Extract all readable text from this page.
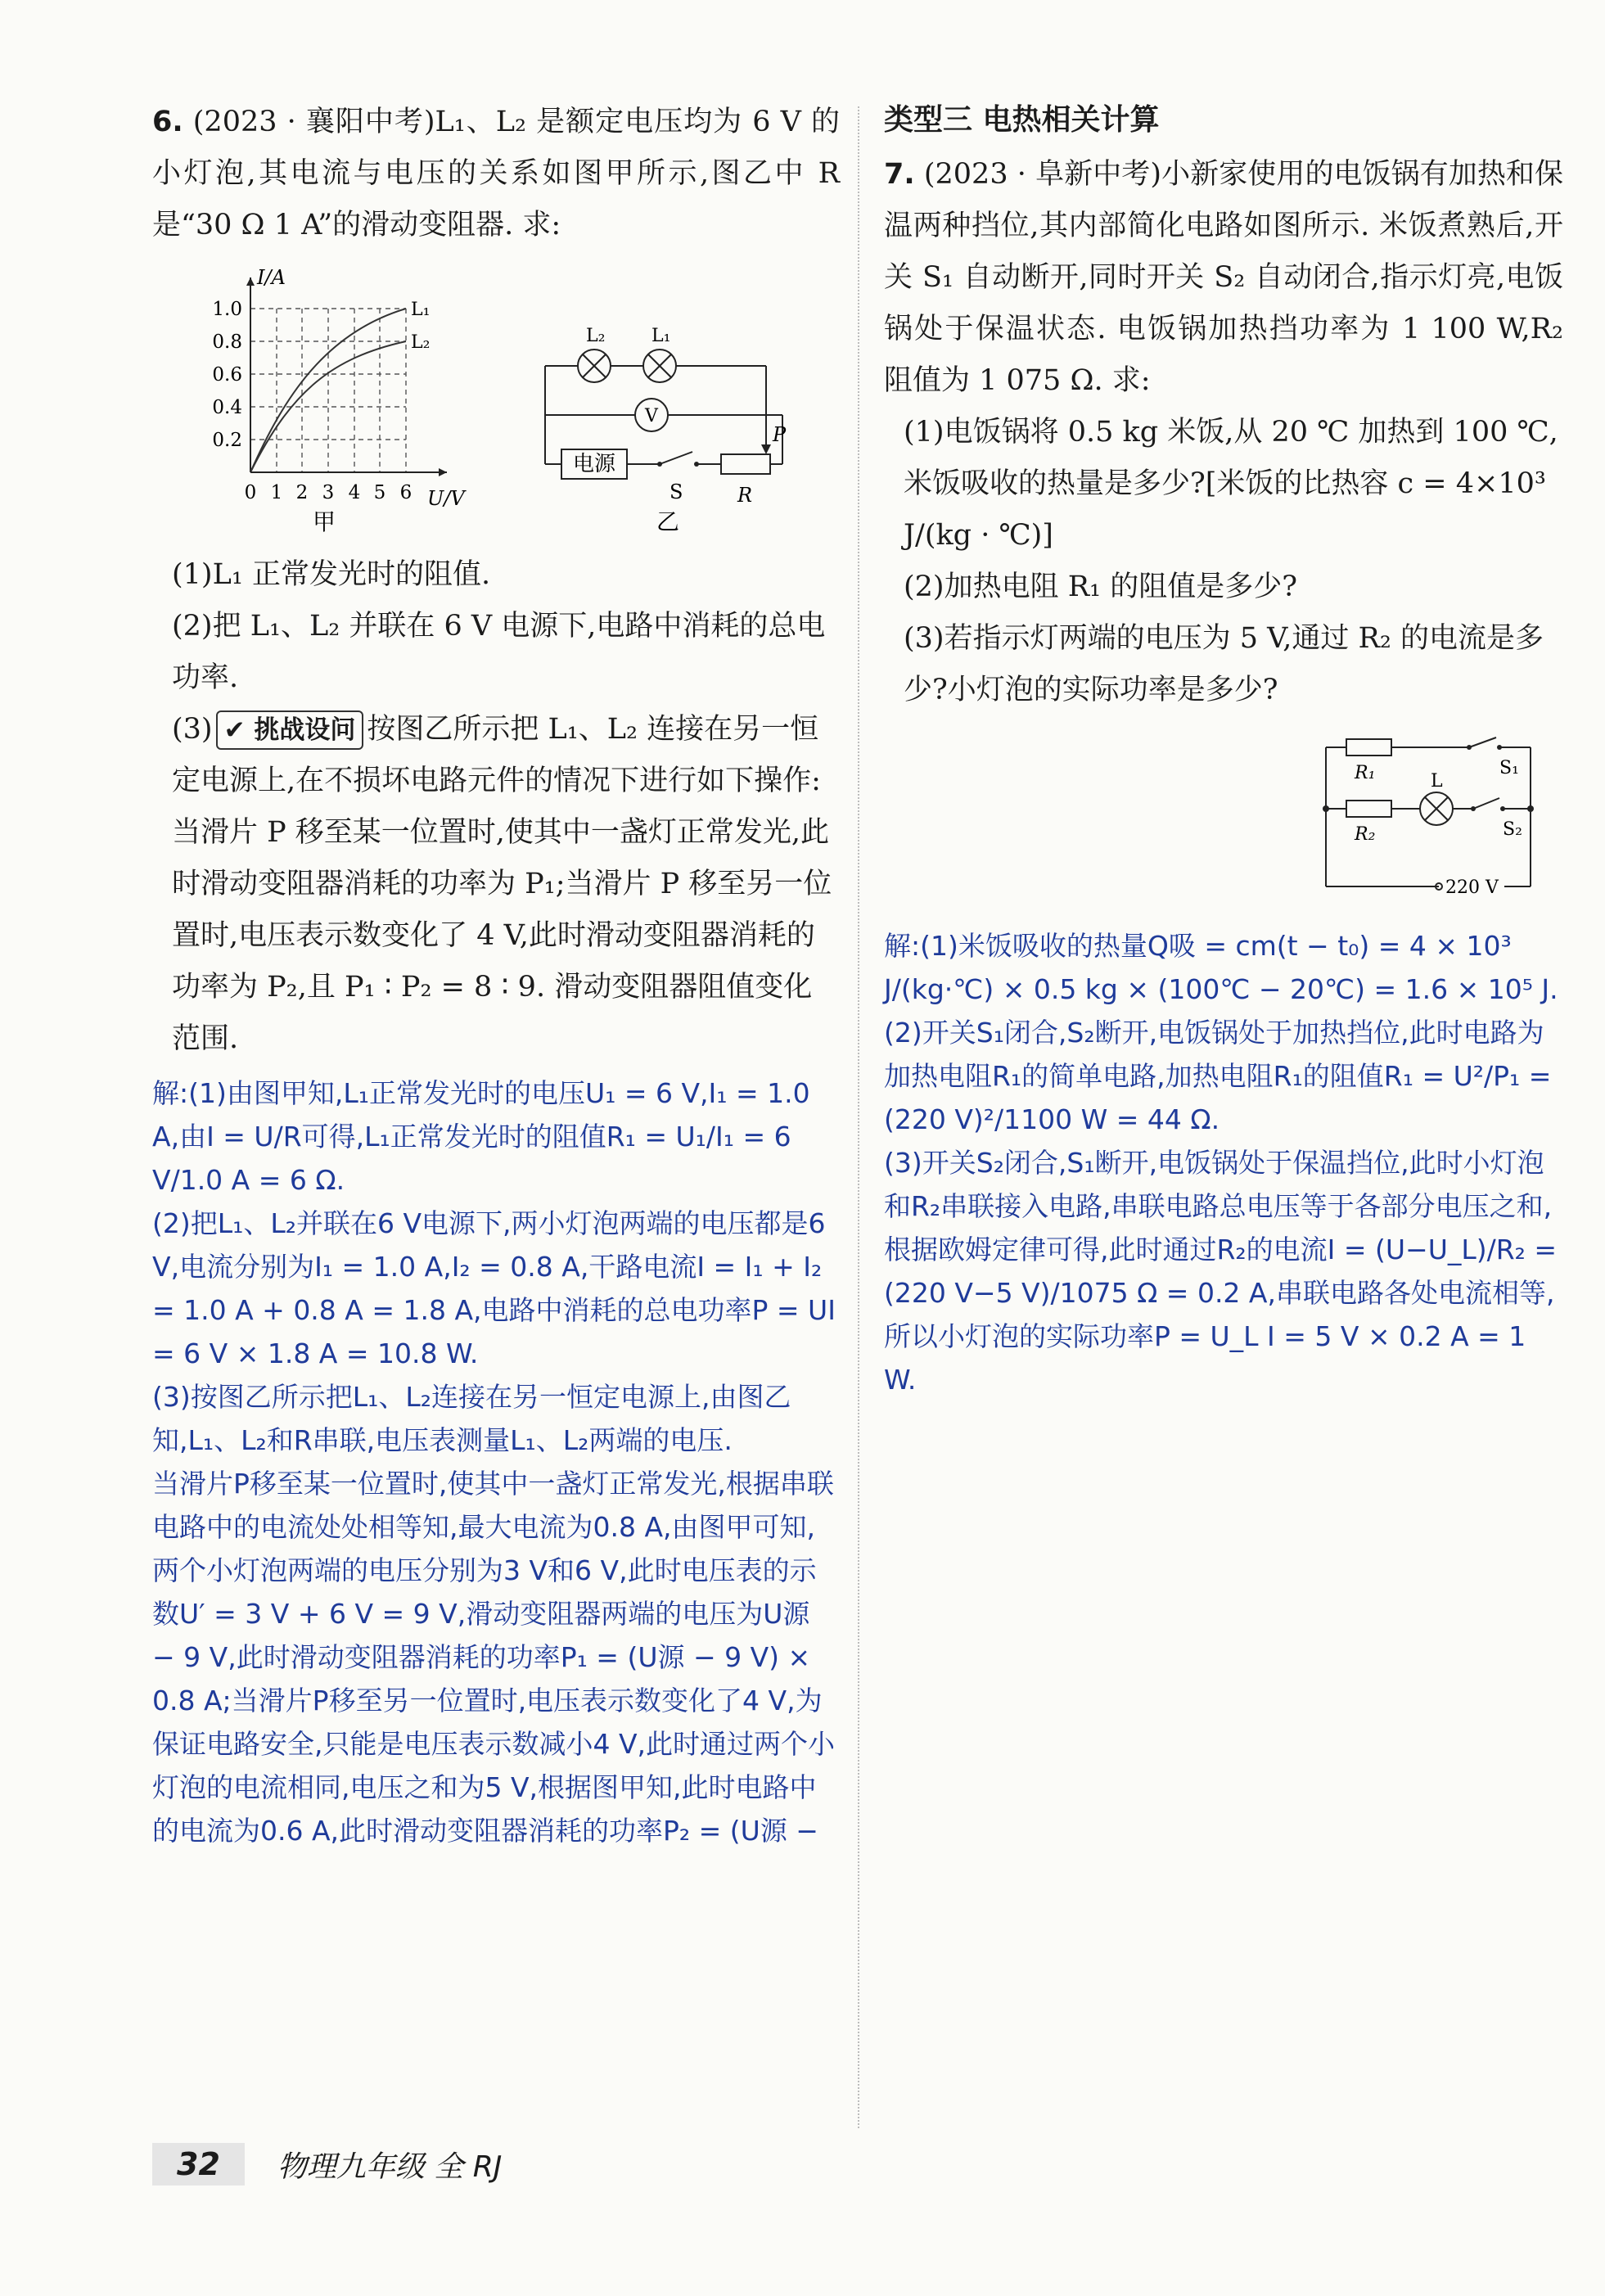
6. (2023 · 襄阳中考)L₁、L₂ 是额定电压均为 6 V 的小灯泡,其电流与电压的关系如图甲所示,图乙中 R 是“30 Ω 1 A”的滑动变阻器. 求:

I/A
U/V
L₁
L₂
1.0
0.8
0.6
0.4
0.2
0 1 2 3 4 5 6
甲
L₂	L₁
V
电源
S	R
P
乙

(1)L₁ 正常发光时的阻值.

(2)把 L₁、L₂ 并联在 6 V 电源下,电路中消耗的总电功率.

(3) ✔ 挑战设问 按图乙所示把 L₁、L₂ 连接在另一恒定电源上,在不损坏电路元件的情况下进行如下操作:当滑片 P 移至某一位置时,使其中一盏灯正常发光,此时滑动变阻器消耗的功率为 P₁;当滑片 P 移至另一位置时,电压表示数变化了 4 V,此时滑动变阻器消耗的功率为 P₂,且 P₁ ∶ P₂ = 8 ∶ 9. 滑动变阻器阻值变化范围.

解:(1)由图甲知,L₁正常发光时的电压U₁ = 6 V,I₁ = 1.0 A,由I = U/R可得,L₁正常发光时的阻值R₁ = U₁/I₁ = 6 V/1.0 A = 6 Ω.

(2)把L₁、L₂并联在6 V电源下,两小灯泡两端的电压都是6 V,电流分别为I₁ = 1.0 A,I₂ = 0.8 A,干路电流I = I₁ + I₂ = 1.0 A + 0.8 A = 1.8 A,电路中消耗的总电功率P = UI = 6 V × 1.8 A = 10.8 W.

(3)按图乙所示把L₁、L₂连接在另一恒定电源上,由图乙知,L₁、L₂和R串联,电压表测量L₁、L₂两端的电压.

当滑片P移至某一位置时,使其中一盏灯正常发光,根据串联电路中的电流处处相等知,最大电流为0.8 A,由图甲可知,两个小灯泡两端的电压分别为3 V和6 V,此时电压表的示数U′ = 3 V + 6 V = 9 V,滑动变阻器两端的电压为U源 − 9 V,此时滑动变阻器消耗的功率P₁ = (U源 − 9 V) × 0.8 A;当滑片P移至另一位置时,电压表示数变化了4 V,为保证电路安全,只能是电压表示数减小4 V,此时通过两个小灯泡的电流相同,电压之和为5 V,根据图甲知,此时电路中的电流为0.6 A,此时滑动变阻器消耗的功率P₂ = (U源 −

类型三 电热相关计算

7. (2023 · 阜新中考)小新家使用的电饭锅有加热和保温两种挡位,其内部简化电路如图所示. 米饭煮熟后,开关 S₁ 自动断开,同时开关 S₂ 自动闭合,指示灯亮,电饭锅处于保温状态. 电饭锅加热挡功率为 1 100 W,R₂ 阻值为 1 075 Ω. 求:

(1)电饭锅将 0.5 kg 米饭,从 20 ℃ 加热到 100 ℃,米饭吸收的热量是多少?[米饭的比热容 c = 4×10³ J/(kg · ℃)]

(2)加热电阻 R₁ 的阻值是多少?

(3)若指示灯两端的电压为 5 V,通过 R₂ 的电流是多少?小灯泡的实际功率是多少?

R₁
R₂
S₁
S₂
L
220 V

解:(1)米饭吸收的热量Q吸 = cm(t − t₀) = 4 × 10³ J/(kg·℃) × 0.5 kg × (100℃ − 20℃) = 1.6 × 10⁵ J.

(2)开关S₁闭合,S₂断开,电饭锅处于加热挡位,此时电路为加热电阻R₁的简单电路,加热电阻R₁的阻值R₁ = U²/P₁ = (220 V)²/1100 W = 44 Ω.

(3)开关S₂闭合,S₁断开,电饭锅处于保温挡位,此时小灯泡和R₂串联接入电路,串联电路总电压等于各部分电压之和,根据欧姆定律可得,此时通过R₂的电流I = (U−U_L)/R₂ = (220 V−5 V)/1075 Ω = 0.2 A,串联电路各处电流相等,所以小灯泡的实际功率P = U_L I = 5 V × 0.2 A = 1 W.

32	物理九年级 全 RJ
